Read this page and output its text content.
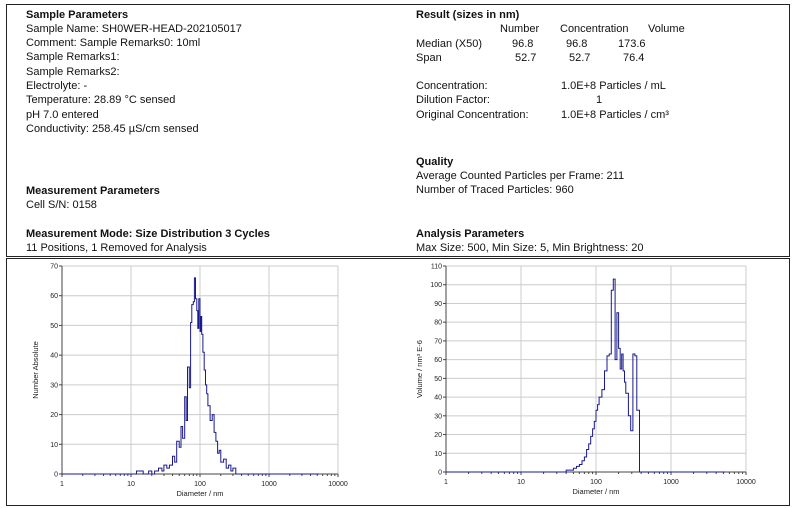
Sample Parameters
Sample Name: SH0WER-HEAD-202105017
Comment: Sample Remarks0: 10ml
Sample Remarks1:
Sample Remarks2:
Electrolyte: -
Temperature: 28.89 °C sensed
pH 7.0 entered
Conductivity: 258.45 µS/cm sensed
Measurement Parameters
Cell S/N: 0158
Measurement Mode: Size Distribution 3 Cycles
11 Positions, 1 Removed for Analysis
Result (sizes in nm)
Number Concentration Volume
Median (X50)	96.8	96.8	173.6
Span	52.7	52.7	76.4
Concentration:	1.0E+8 Particles / mL
Dilution Factor:	1
Original Concentration:	1.0E+8 Particles / cm³
Quality
Average Counted Particles per Frame: 211
Number of Traced Particles: 960
Analysis Parameters
Max Size: 500, Min Size: 5, Min Brightness: 20
0
10
20
30
40
50
60
70
1	10	100	1000	10000
Diameter / nm
Number Absolute
0
10
20
30
40
50
60
70
80
90
100
110
1	10	100	1000	10000
Diameter / nm
Volume / nm³ E-6
